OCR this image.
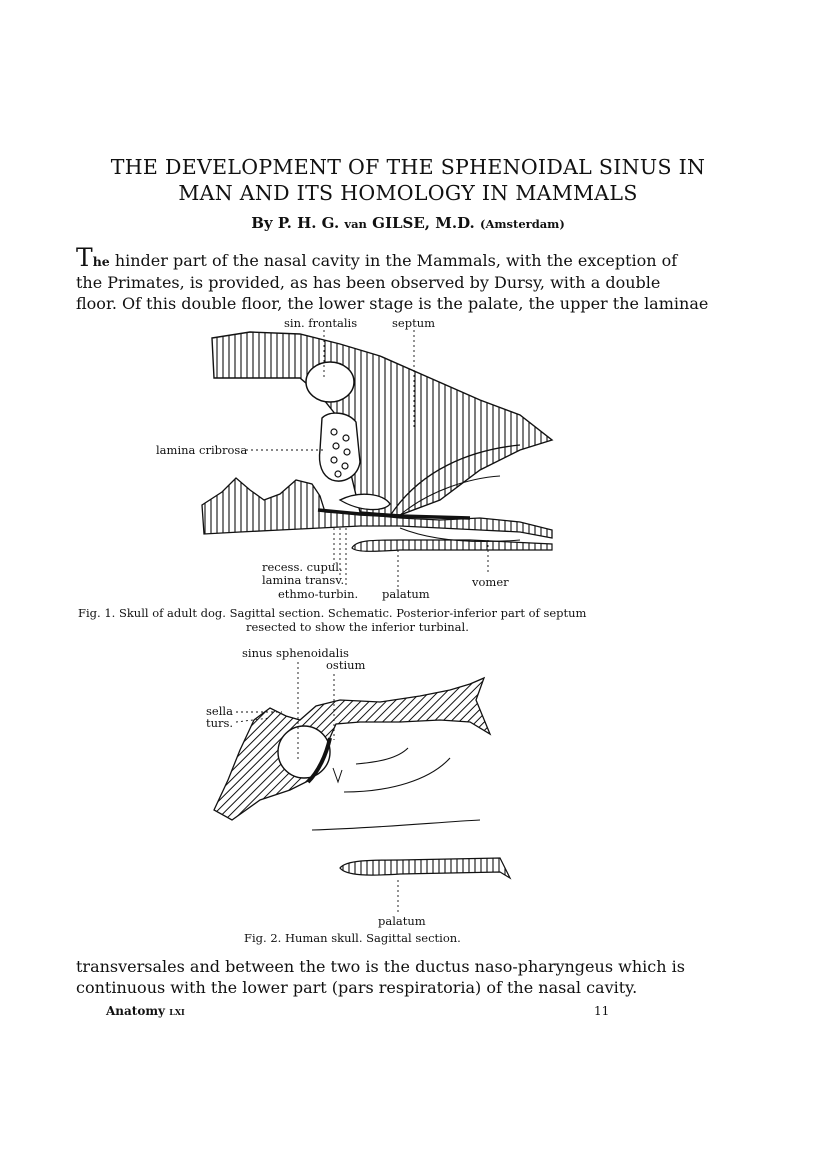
THE DEVELOPMENT OF THE SPHENOIDAL SINUS IN
MAN AND ITS HOMOLOGY IN MAMMALS
By P. H. G. van GILSE, M.D. (Amsterdam)
The hinder part of the nasal cavity in the Mammals, with the exception of
the Primates, is provided, as has been observed by Dursy, with a double
floor. Of this double floor, the lower stage is the palate, the upper the laminae
sin. frontalis	septum
lamina cribrosa
recess. cupul.
lamina transv.
ethmo-turbin. palatum
vomer
Fig. 1. Skull of adult dog. Sagittal section. Schematic. Posterior-inferior part of septum
resected to show the inferior turbinal.
sinus sphenoidalis
ostium
sella
turs.
palatum
Fig. 2. Human skull. Sagittal section.
transversales and between the two is the ductus naso-pharyngeus which is
continuous with the lower part (pars respiratoria) of the nasal cavity.
Anatomy lxi	11
